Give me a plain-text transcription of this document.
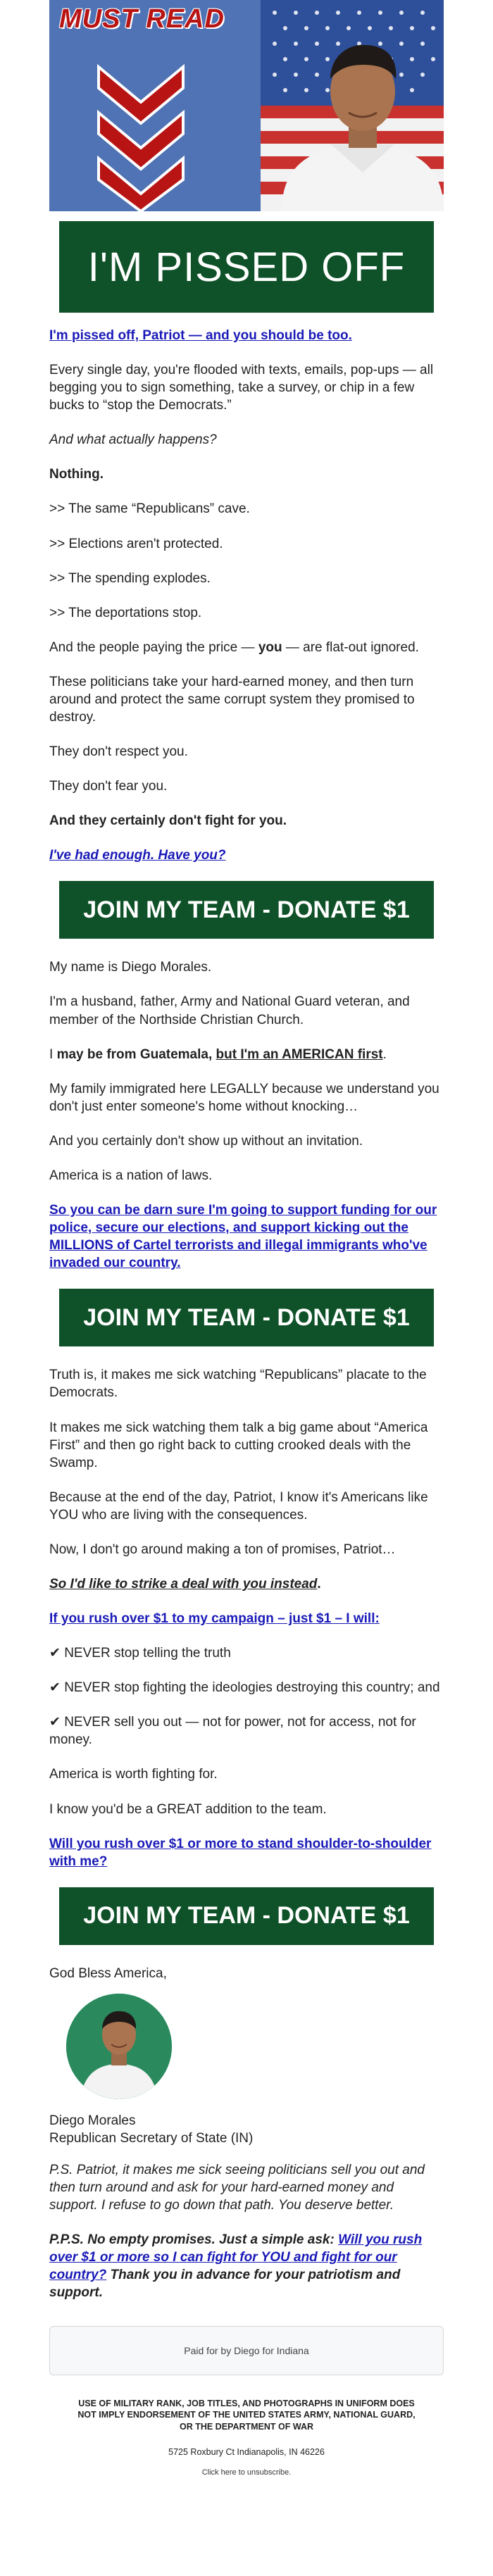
MUST READ
I'M PISSED OFF

I'm pissed off, Patriot — and you should be too.

Every single day, you're flooded with texts, emails, pop-ups — all begging you to sign something, take a survey, or chip in a few bucks to “stop the Democrats.”

And what actually happens?

Nothing.

>> The same “Republicans” cave.

>> Elections aren't protected.

>> The spending explodes.

>> The deportations stop.

And the people paying the price — you — are flat-out ignored.

These politicians take your hard-earned money, and then turn around and protect the same corrupt system they promised to destroy.

They don't respect you.

They don't fear you.

And they certainly don't fight for you.

I've had enough. Have you?

JOIN MY TEAM - DONATE $1

My name is Diego Morales.

I'm a husband, father, Army and National Guard veteran, and member of the Northside Christian Church.

I may be from Guatemala, but I'm an AMERICAN first.

My family immigrated here LEGALLY because we understand you don't just enter someone's home without knocking…

And you certainly don't show up without an invitation.

America is a nation of laws.

So you can be darn sure I'm going to support funding for our police, secure our elections, and support kicking out the MILLIONS of Cartel terrorists and illegal immigrants who've invaded our country.

JOIN MY TEAM - DONATE $1

Truth is, it makes me sick watching “Republicans” placate to the Democrats.

It makes me sick watching them talk a big game about “America First” and then go right back to cutting crooked deals with the Swamp.

Because at the end of the day, Patriot, I know it's Americans like YOU who are living with the consequences.

Now, I don't go around making a ton of promises, Patriot…

So I'd like to strike a deal with you instead.

If you rush over $1 to my campaign – just $1 – I will:

✔ NEVER stop telling the truth

✔ NEVER stop fighting the ideologies destroying this country; and

✔ NEVER sell you out — not for power, not for access, not for money.

America is worth fighting for.

I know you'd be a GREAT addition to the team.

Will you rush over $1 or more to stand shoulder-to-shoulder with me?

JOIN MY TEAM - DONATE $1
God Bless America,
Diego Morales
Republican Secretary of State (IN)

P.S. Patriot, it makes me sick seeing politicians sell you out and then turn around and ask for your hard-earned money and support. I refuse to go down that path. You deserve better.

P.P.S. No empty promises. Just a simple ask: Will you rush over $1 or more so I can fight for YOU and fight for our country? Thank you in advance for your patriotism and support.

Paid for by Diego for Indiana
USE OF MILITARY RANK, JOB TITLES, AND PHOTOGRAPHS IN UNIFORM DOES NOT IMPLY ENDORSEMENT OF THE UNITED STATES ARMY, NATIONAL GUARD, OR THE DEPARTMENT OF WAR
5725 Roxbury Ct Indianapolis, IN 46226
Click here to unsubscribe.
